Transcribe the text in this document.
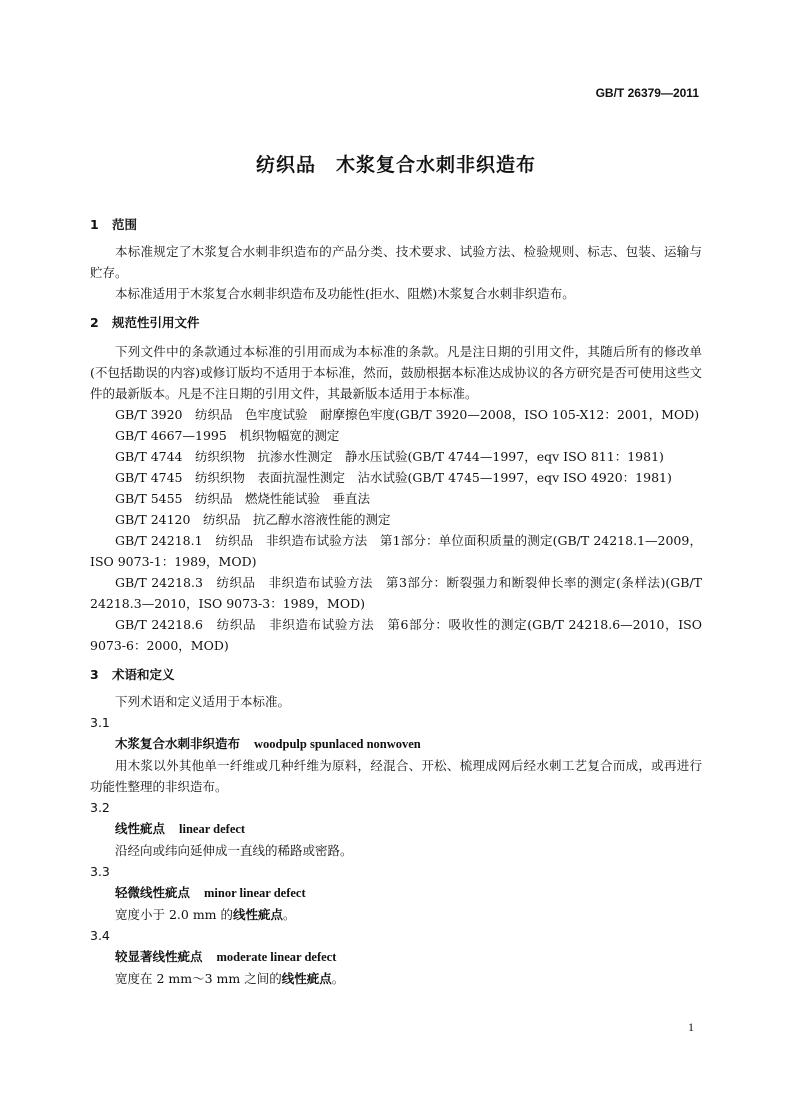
GB/T 26379—2011
纺织品　木浆复合水刺非织造布

1 范围

本标准规定了木浆复合水刺非织造布的产品分类、技术要求、试验方法、检验规则、标志、包装、运输与贮存。

本标准适用于木浆复合水刺非织造布及功能性(拒水、阻燃)木浆复合水刺非织造布。

2 规范性引用文件

下列文件中的条款通过本标准的引用而成为本标准的条款。凡是注日期的引用文件，其随后所有的修改单(不包括勘误的内容)或修订版均不适用于本标准，然而，鼓励根据本标准达成协议的各方研究是否可使用这些文件的最新版本。凡是不注日期的引用文件，其最新版本适用于本标准。

GB/T 3920　纺织品　色牢度试验　耐摩擦色牢度(GB/T 3920—2008，ISO 105-X12：2001，MOD)

GB/T 4667—1995　机织物幅宽的测定

GB/T 4744　纺织织物　抗渗水性测定　静水压试验(GB/T 4744—1997，eqv ISO 811：1981)

GB/T 4745　纺织织物　表面抗湿性测定　沾水试验(GB/T 4745—1997，eqv ISO 4920：1981)

GB/T 5455　纺织品　燃烧性能试验　垂直法

GB/T 24120　纺织品　抗乙醇水溶液性能的测定

GB/T 24218.1　纺织品　非织造布试验方法　第1部分：单位面积质量的测定(GB/T 24218.1—2009，ISO 9073-1：1989，MOD)

GB/T 24218.3　纺织品　非织造布试验方法　第3部分：断裂强力和断裂伸长率的测定(条样法)(GB/T 24218.3—2010，ISO 9073-3：1989，MOD)

GB/T 24218.6　纺织品　非织造布试验方法　第6部分：吸收性的测定(GB/T 24218.6—2010，ISO 9073-6：2000，MOD)

3 术语和定义

下列术语和定义适用于本标准。

3.1

木浆复合水刺非织造布 woodpulp spunlaced nonwoven

用木浆以外其他单一纤维或几种纤维为原料，经混合、开松、梳理成网后经水刺工艺复合而成，或再进行功能性整理的非织造布。

3.2

线性疵点 linear defect

沿经向或纬向延伸成一直线的稀路或密路。

3.3

轻微线性疵点 minor linear defect

宽度小于 2.0 mm 的线性疵点。

3.4

较显著线性疵点 moderate linear defect

宽度在 2 mm～3 mm 之间的线性疵点。

1
